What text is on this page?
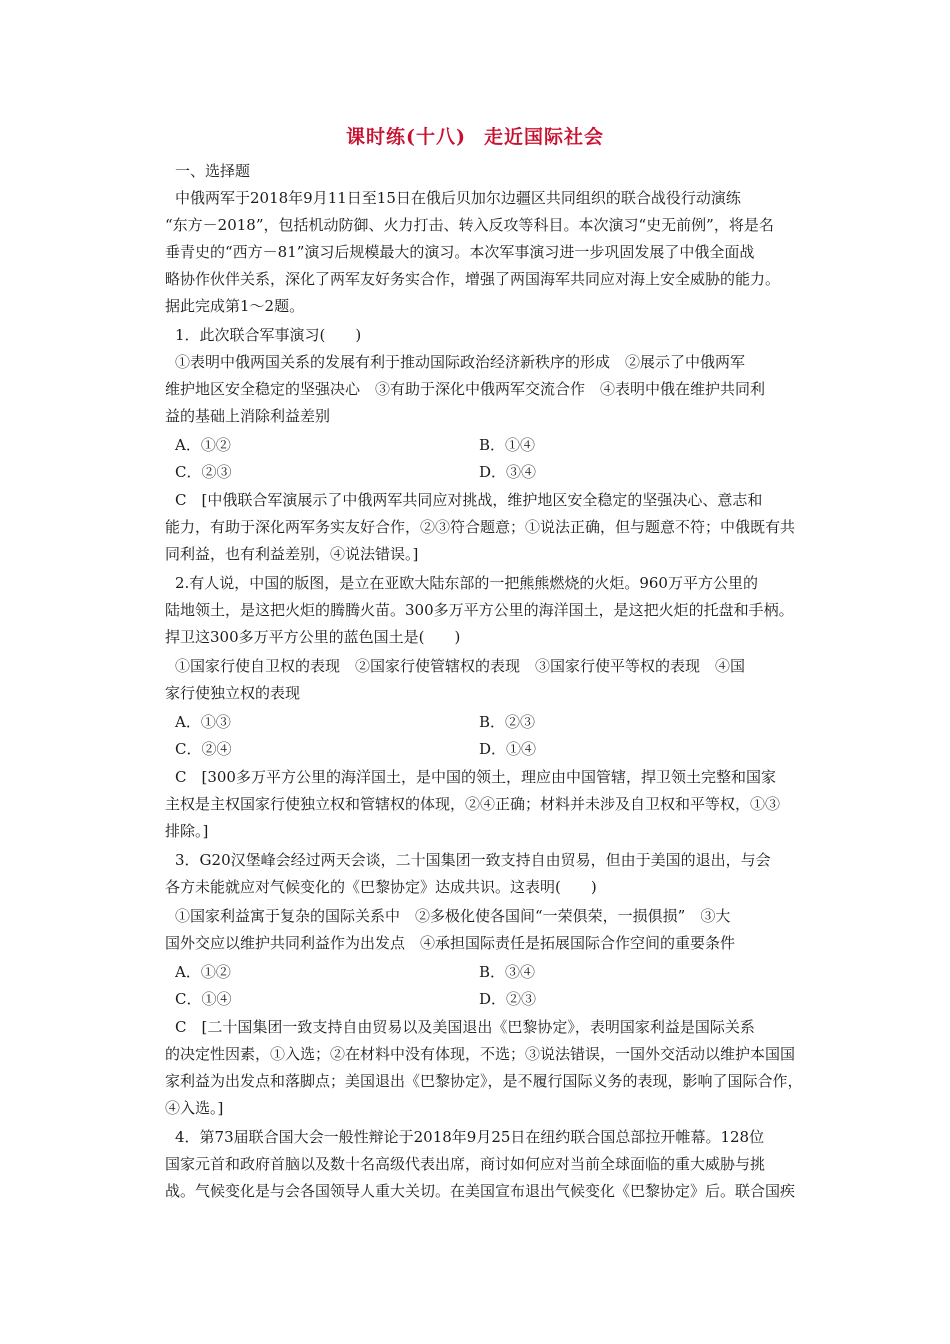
课时练(十八) 走近国际社会
一、选择题
中俄两军于2018年9月11日至15日在俄后贝加尔边疆区共同组织的联合战役行动演练
“东方－2018”，包括机动防御、火力打击、转入反攻等科目。本次演习“史无前例”，将是名
垂青史的“西方－81”演习后规模最大的演习。本次军事演习进一步巩固发展了中俄全面战
略协作伙伴关系，深化了两军友好务实合作，增强了两国海军共同应对海上安全威胁的能力。
据此完成第1～2题。
1．此次联合军事演习(　　)
①表明中俄两国关系的发展有利于推动国际政治经济新秩序的形成　②展示了中俄两军
维护地区安全稳定的坚强决心　③有助于深化中俄两军交流合作　④表明中俄在维护共同利
益的基础上消除利益差别
A．①②	B．①④
C．②③	D．③④
C　[中俄联合军演展示了中俄两军共同应对挑战，维护地区安全稳定的坚强决心、意志和
能力，有助于深化两军务实友好合作，②③符合题意；①说法正确，但与题意不符；中俄既有共
同利益，也有利益差别，④说法错误。]
2.有人说，中国的版图，是立在亚欧大陆东部的一把熊熊燃烧的火炬。960万平方公里的
陆地领土，是这把火炬的腾腾火苗。300多万平方公里的海洋国土，是这把火炬的托盘和手柄。
捍卫这300多万平方公里的蓝色国土是(　　)
①国家行使自卫权的表现　②国家行使管辖权的表现　③国家行使平等权的表现　④国
家行使独立权的表现
A．①③	B．②③
C．②④	D．①④
C　[300多万平方公里的海洋国土，是中国的领土，理应由中国管辖，捍卫领土完整和国家
主权是主权国家行使独立权和管辖权的体现，②④正确；材料并未涉及自卫权和平等权，①③
排除。]
3．G20汉堡峰会经过两天会谈，二十国集团一致支持自由贸易，但由于美国的退出，与会
各方未能就应对气候变化的《巴黎协定》达成共识。这表明(　　)
①国家利益寓于复杂的国际关系中　②多极化使各国间“一荣俱荣，一损俱损”　③大
国外交应以维护共同利益作为出发点　④承担国际责任是拓展国际合作空间的重要条件
A．①②	B．③④
C．①④	D．②③
C　[二十国集团一致支持自由贸易以及美国退出《巴黎协定》，表明国家利益是国际关系
的决定性因素，①入选；②在材料中没有体现，不选；③说法错误，一国外交活动以维护本国国
家利益为出发点和落脚点；美国退出《巴黎协定》，是不履行国际义务的表现，影响了国际合作，
④入选。]
4．第73届联合国大会一般性辩论于2018年9月25日在纽约联合国总部拉开帷幕。128位
国家元首和政府首脑以及数十名高级代表出席，商讨如何应对当前全球面临的重大威胁与挑
战。气候变化是与会各国领导人重大关切。在美国宣布退出气候变化《巴黎协定》后。联合国疾
